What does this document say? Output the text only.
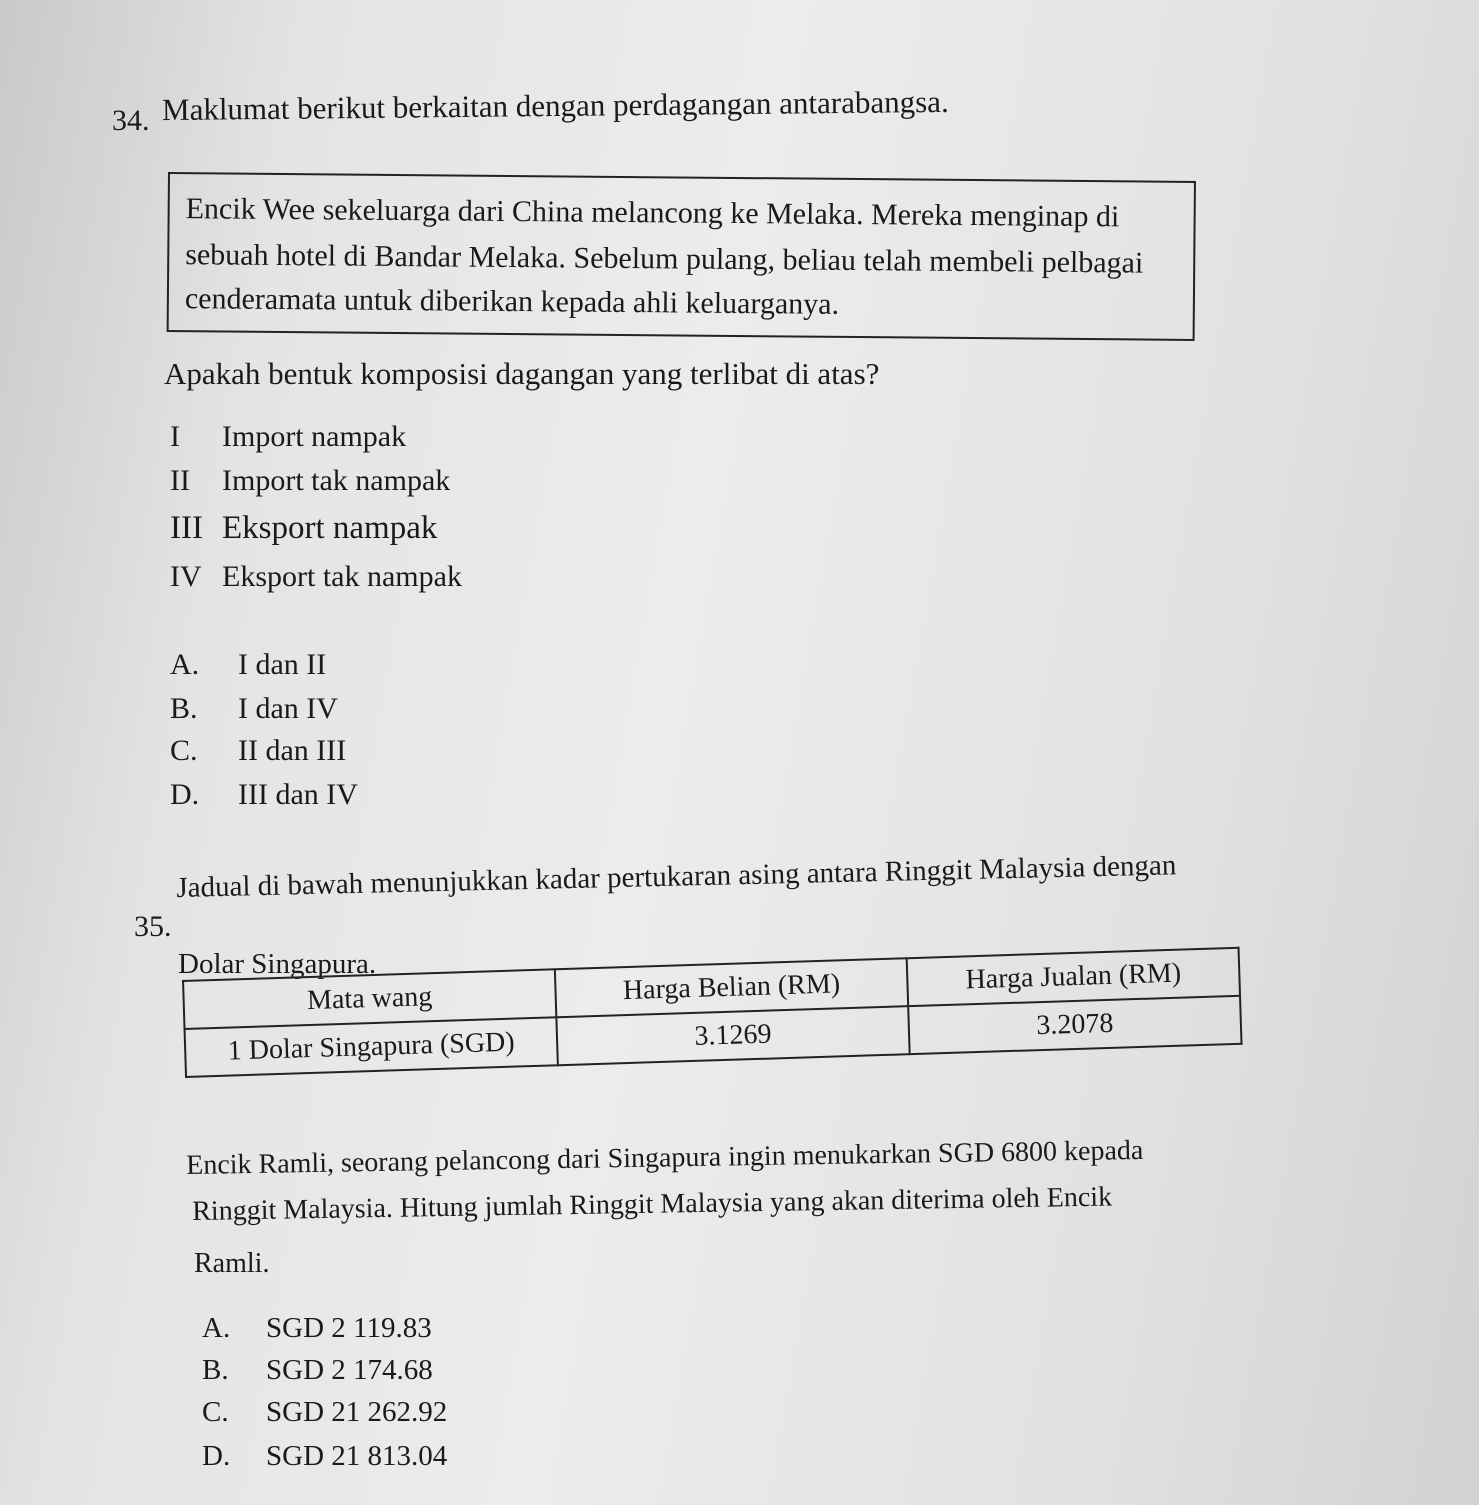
34. Maklumat berikut berkaitan dengan perdagangan antarabangsa.
Encik Wee sekeluarga dari China melancong ke Melaka. Mereka menginap di
sebuah hotel di Bandar Melaka. Sebelum pulang, beliau telah membeli pelbagai
cenderamata untuk diberikan kepada ahli keluarganya.
Apakah bentuk komposisi dagangan yang terlibat di atas?
I Import nampak
II Import tak nampak
III Eksport nampak
IV Eksport tak nampak
A. I dan II
B. I dan IV
C. II dan III
D. III dan IV
35.
Jadual di bawah menunjukkan kadar pertukaran asing antara Ringgit Malaysia dengan
Dolar Singapura.
Mata wang	Harga Belian (RM)	Harga Jualan (RM)
1 Dolar Singapura (SGD)	3.1269	3.2078
Encik Ramli, seorang pelancong dari Singapura ingin menukarkan SGD 6800 kepada
Ringgit Malaysia. Hitung jumlah Ringgit Malaysia yang akan diterima oleh Encik
Ramli.
A. SGD 2 119.83
B. SGD 2 174.68
C. SGD 21 262.92
D. SGD 21 813.04
